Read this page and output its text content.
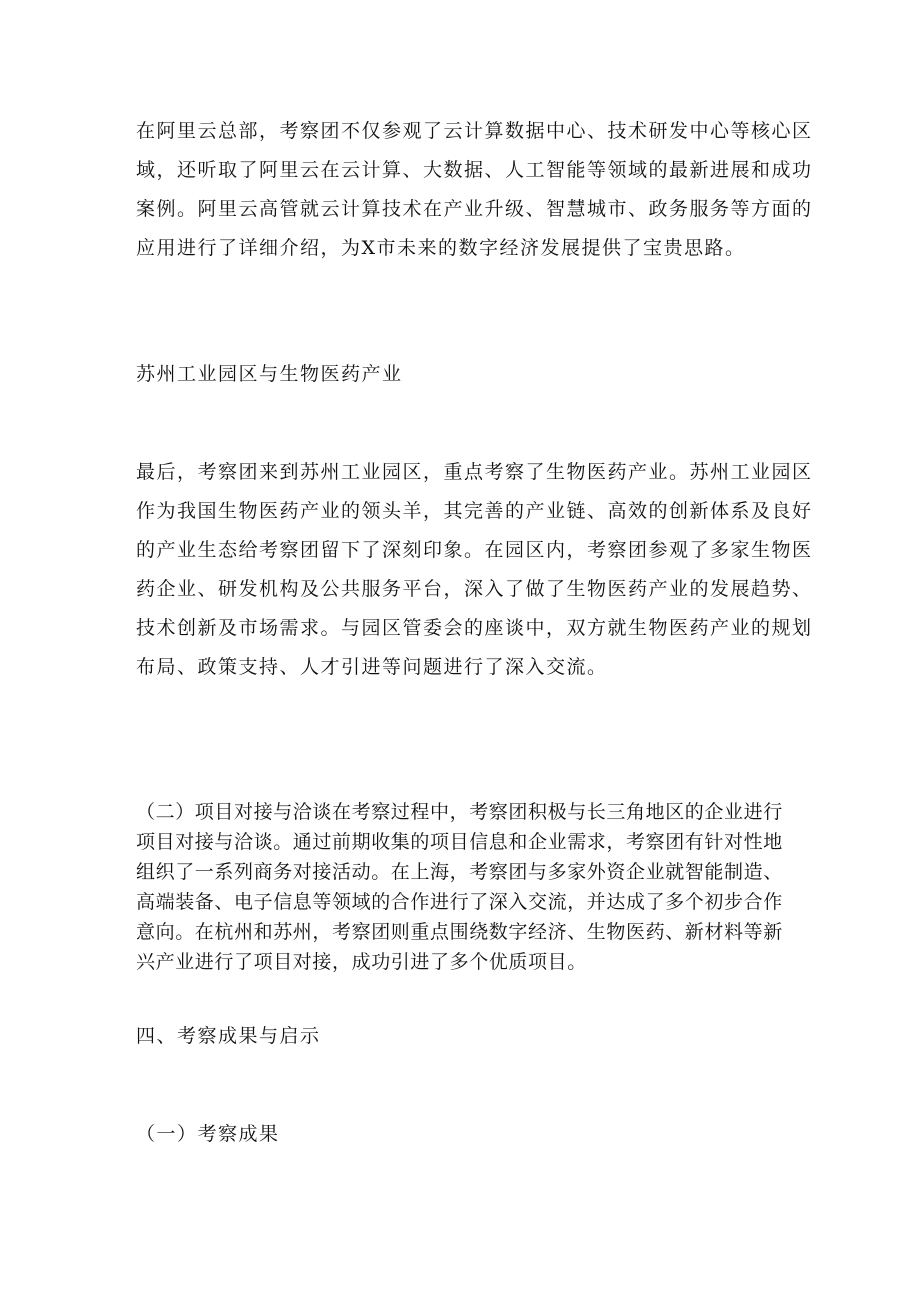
在阿里云总部，考察团不仅参观了云计算数据中心、技术研发中心等核心区
域，还听取了阿里云在云计算、大数据、人工智能等领域的最新进展和成功
案例。阿里云高管就云计算技术在产业升级、智慧城市、政务服务等方面的
应用进行了详细介绍，为X市未来的数字经济发展提供了宝贵思路。
苏州工业园区与生物医药产业
最后，考察团来到苏州工业园区，重点考察了生物医药产业。苏州工业园区
作为我国生物医药产业的领头羊，其完善的产业链、高效的创新体系及良好
的产业生态给考察团留下了深刻印象。在园区内，考察团参观了多家生物医
药企业、研发机构及公共服务平台，深入了做了生物医药产业的发展趋势、
技术创新及市场需求。与园区管委会的座谈中，双方就生物医药产业的规划
布局、政策支持、人才引进等问题进行了深入交流。
（二）项目对接与洽谈在考察过程中，考察团积极与长三角地区的企业进行
项目对接与洽谈。通过前期收集的项目信息和企业需求，考察团有针对性地
组织了一系列商务对接活动。在上海，考察团与多家外资企业就智能制造、
高端装备、电子信息等领域的合作进行了深入交流，并达成了多个初步合作
意向。在杭州和苏州，考察团则重点围绕数字经济、生物医药、新材料等新
兴产业进行了项目对接，成功引进了多个优质项目。
四、考察成果与启示
（一）考察成果
